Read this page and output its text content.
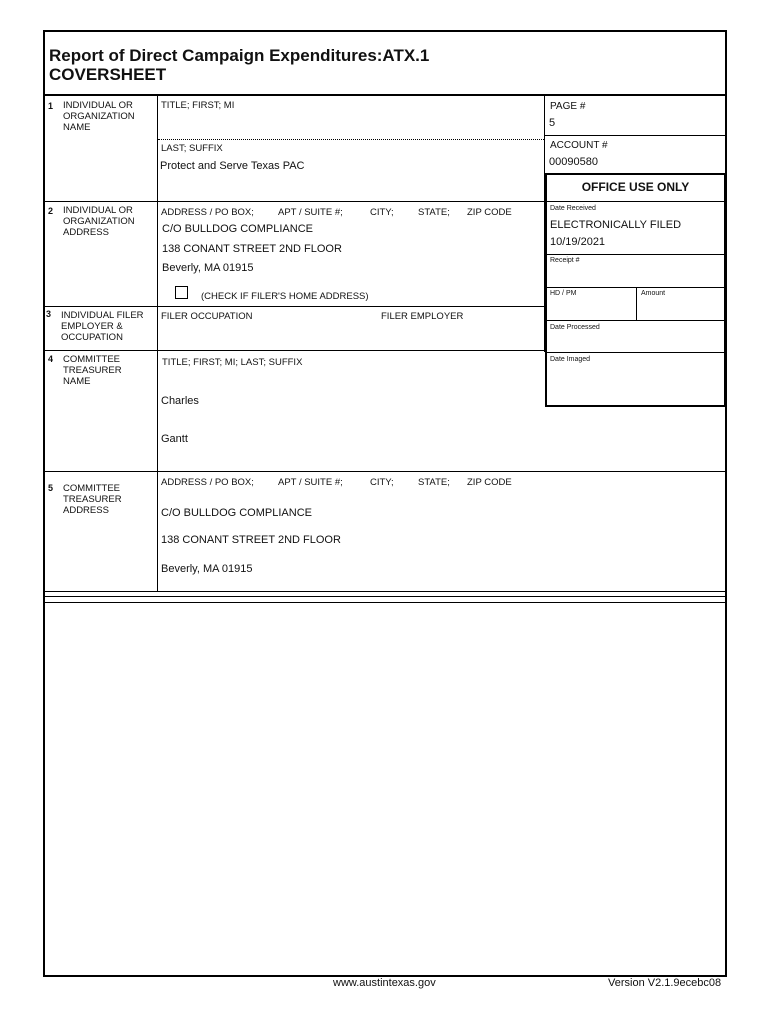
Report of Direct Campaign Expenditures:ATX.1
COVERSHEET
1 INDIVIDUAL OR
ORGANIZATION
NAME
TITLE; FIRST; MI
LAST; SUFFIX
Protect and Serve Texas PAC
PAGE #
5
ACCOUNT #
00090580
OFFICE USE ONLY
Date Received
ELECTRONICALLY FILED
10/19/2021
Receipt #
HD / PM	Amount
Date Processed
Date Imaged
2 INDIVIDUAL OR
ORGANIZATION
ADDRESS
ADDRESS / PO BOX;	APT / SUITE #;	CITY;	STATE; ZIP CODE
C/O BULLDOG COMPLIANCE
138 CONANT STREET 2ND FLOOR
Beverly, MA 01915
(CHECK IF FILER'S HOME ADDRESS)
3 INDIVIDUAL FILER
EMPLOYER &
OCCUPATION
FILER OCCUPATION	FILER EMPLOYER
4 COMMITTEE
TREASURER
NAME
TITLE; FIRST; MI; LAST; SUFFIX
Charles
Gantt
5 COMMITTEE
TREASURER
ADDRESS
ADDRESS / PO BOX;	APT / SUITE #;	CITY;	STATE; ZIP CODE
C/O BULLDOG COMPLIANCE
138 CONANT STREET 2ND FLOOR
Beverly, MA 01915
www.austintexas.gov	Version V2.1.9ecebc08
